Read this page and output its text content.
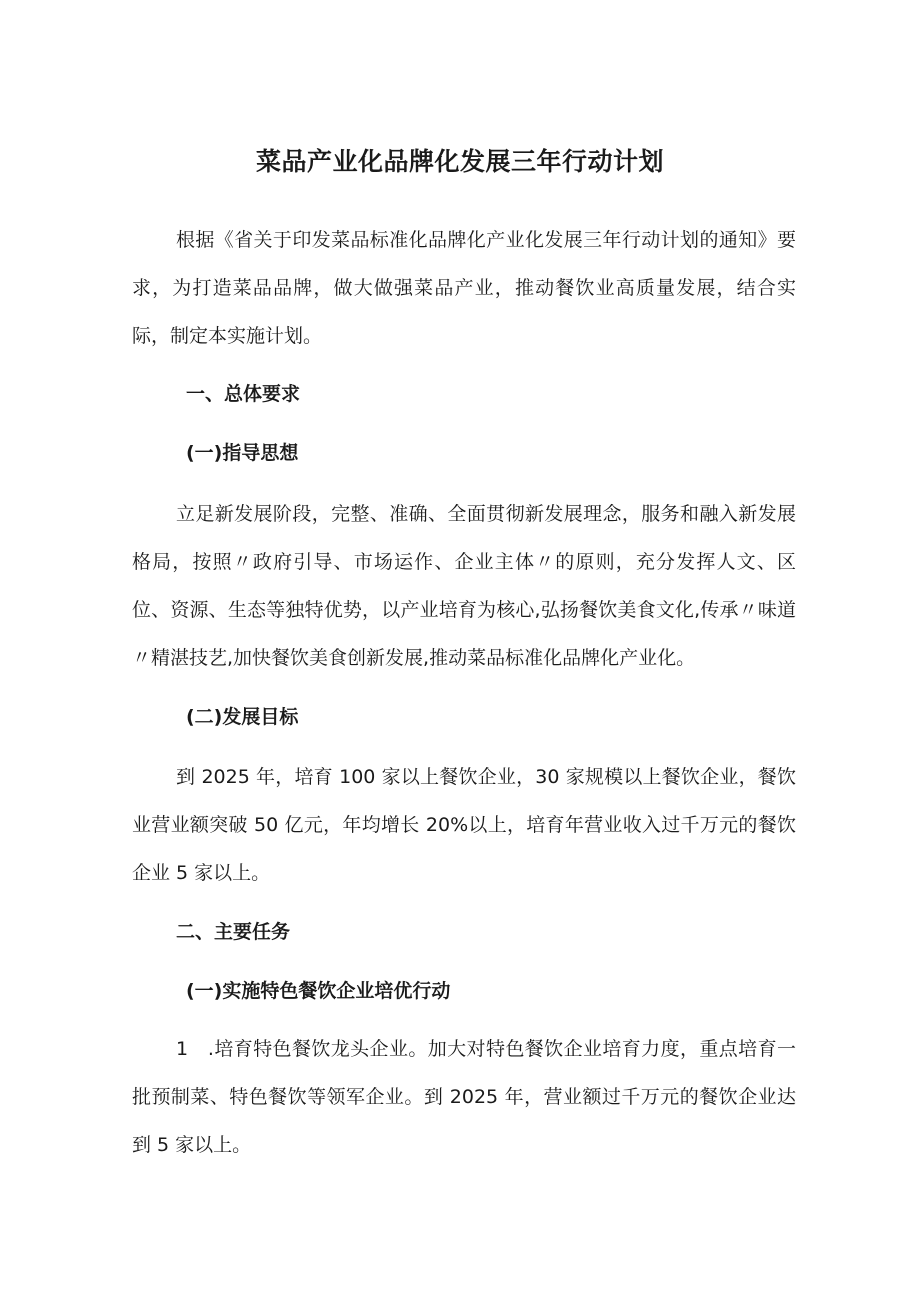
菜品产业化品牌化发展三年行动计划

根据《省关于印发菜品标准化品牌化产业化发展三年行动计划的通知》要求，为打造菜品品牌，做大做强菜品产业，推动餐饮业高质量发展，结合实际，制定本实施计划。

一、总体要求
(一)指导思想

立足新发展阶段，完整、准确、全面贯彻新发展理念，服务和融入新发展格局，按照〃政府引导、市场运作、企业主体〃的原则，充分发挥人文、区位、资源、生态等独特优势，以产业培育为核心,弘扬餐饮美食文化,传承〃味道〃精湛技艺,加快餐饮美食创新发展,推动菜品标准化品牌化产业化。

(二)发展目标

到 2025 年，培育 100 家以上餐饮企业，30 家规模以上餐饮企业，餐饮业营业额突破 50 亿元，年均增长 20%以上，培育年营业收入过千万元的餐饮企业 5 家以上。

二、主要任务
(一)实施特色餐饮企业培优行动

1　.培育特色餐饮龙头企业。加大对特色餐饮企业培育力度，重点培育一批预制菜、特色餐饮等领军企业。到 2025 年，营业额过千万元的餐饮企业达到 5 家以上。
